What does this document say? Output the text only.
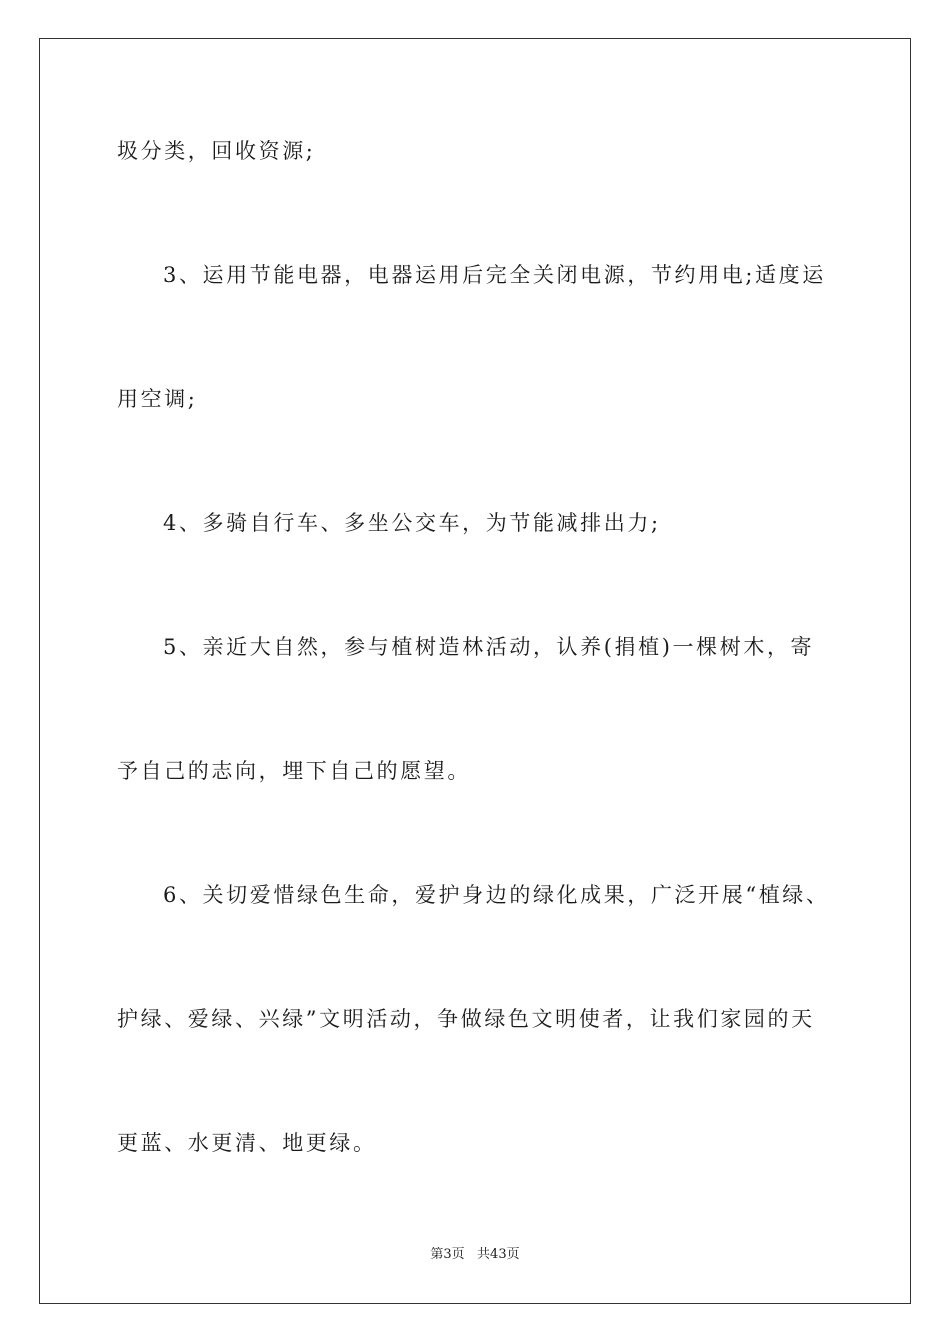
圾分类，回收资源;
3、运用节能电器，电器运用后完全关闭电源，节约用电;适度运
用空调;
4、多骑自行车、多坐公交车，为节能减排出力;
5、亲近大自然，参与植树造林活动，认养(捐植)一棵树木，寄
予自己的志向，埋下自己的愿望。
6、关切爱惜绿色生命，爱护身边的绿化成果，广泛开展“植绿、
护绿、爱绿、兴绿”文明活动，争做绿色文明使者，让我们家园的天
更蓝、水更清、地更绿。
第3页   共43页
